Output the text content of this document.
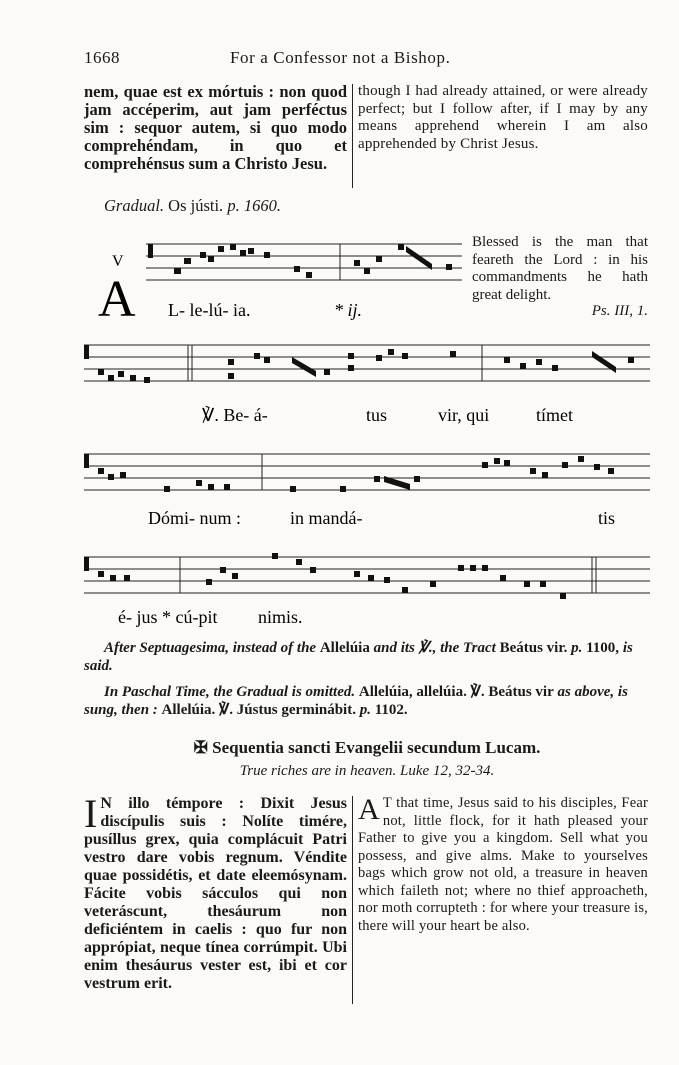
1668	For a Confessor not a Bishop.
nem, quae est ex mórtuis : non quod jam accéperim, aut jam perféctus sim : sequor autem, si quo modo comprehéndam, in quo et comprehénsus sum a Christo Jesu.
though I had already attained, or were already perfect; but I follow after, if I may by any means apprehend wherein I am also apprehended by Christ Jesus.
Gradual. Os jústi. p. 1660.
V
A L- le-lú- ia.	* ij.
Blessed is the man that feareth the Lord : in his commandments he hath great delight.
Ps. III, 1.
℣. Be- á-	tus	vir, qui	tímet
Dómi- num :	in mandá-	tis
é- jus * cú-pit nimis.
After Septuagesima, instead of the Allelúia and its ℣., the Tract Beátus vir. p. 1100, is said.
In Paschal Time, the Gradual is omitted. Allelúia, allelúia. ℣. Beátus vir as above, is sung, then : Allelúia. ℣. Jústus germinábit. p. 1102.
✠ Sequentia sancti Evangelii secundum Lucam.
True riches are in heaven. Luke 12, 32-34.
I N illo témpore : Dixit Jesus discípulis suis : Nolíte timére, pusíllus grex, quia complácuit Patri vestro dare vobis regnum. Véndite quae possidétis, et date eleemósynam. Fácite vobis sácculos qui non veteráscunt, thesáurum non deficiéntem in caelis : quo fur non apprópiat, neque tínea corrúmpit. Ubi enim thesáurus vester est, ibi et cor vestrum erit.
A T that time, Jesus said to his disciples, Fear not, little flock, for it hath pleased your Father to give you a kingdom. Sell what you possess, and give alms. Make to yourselves bags which grow not old, a treasure in heaven which faileth not; where no thief approacheth, nor moth corrupteth : for where your treasure is, there will your heart be also.
